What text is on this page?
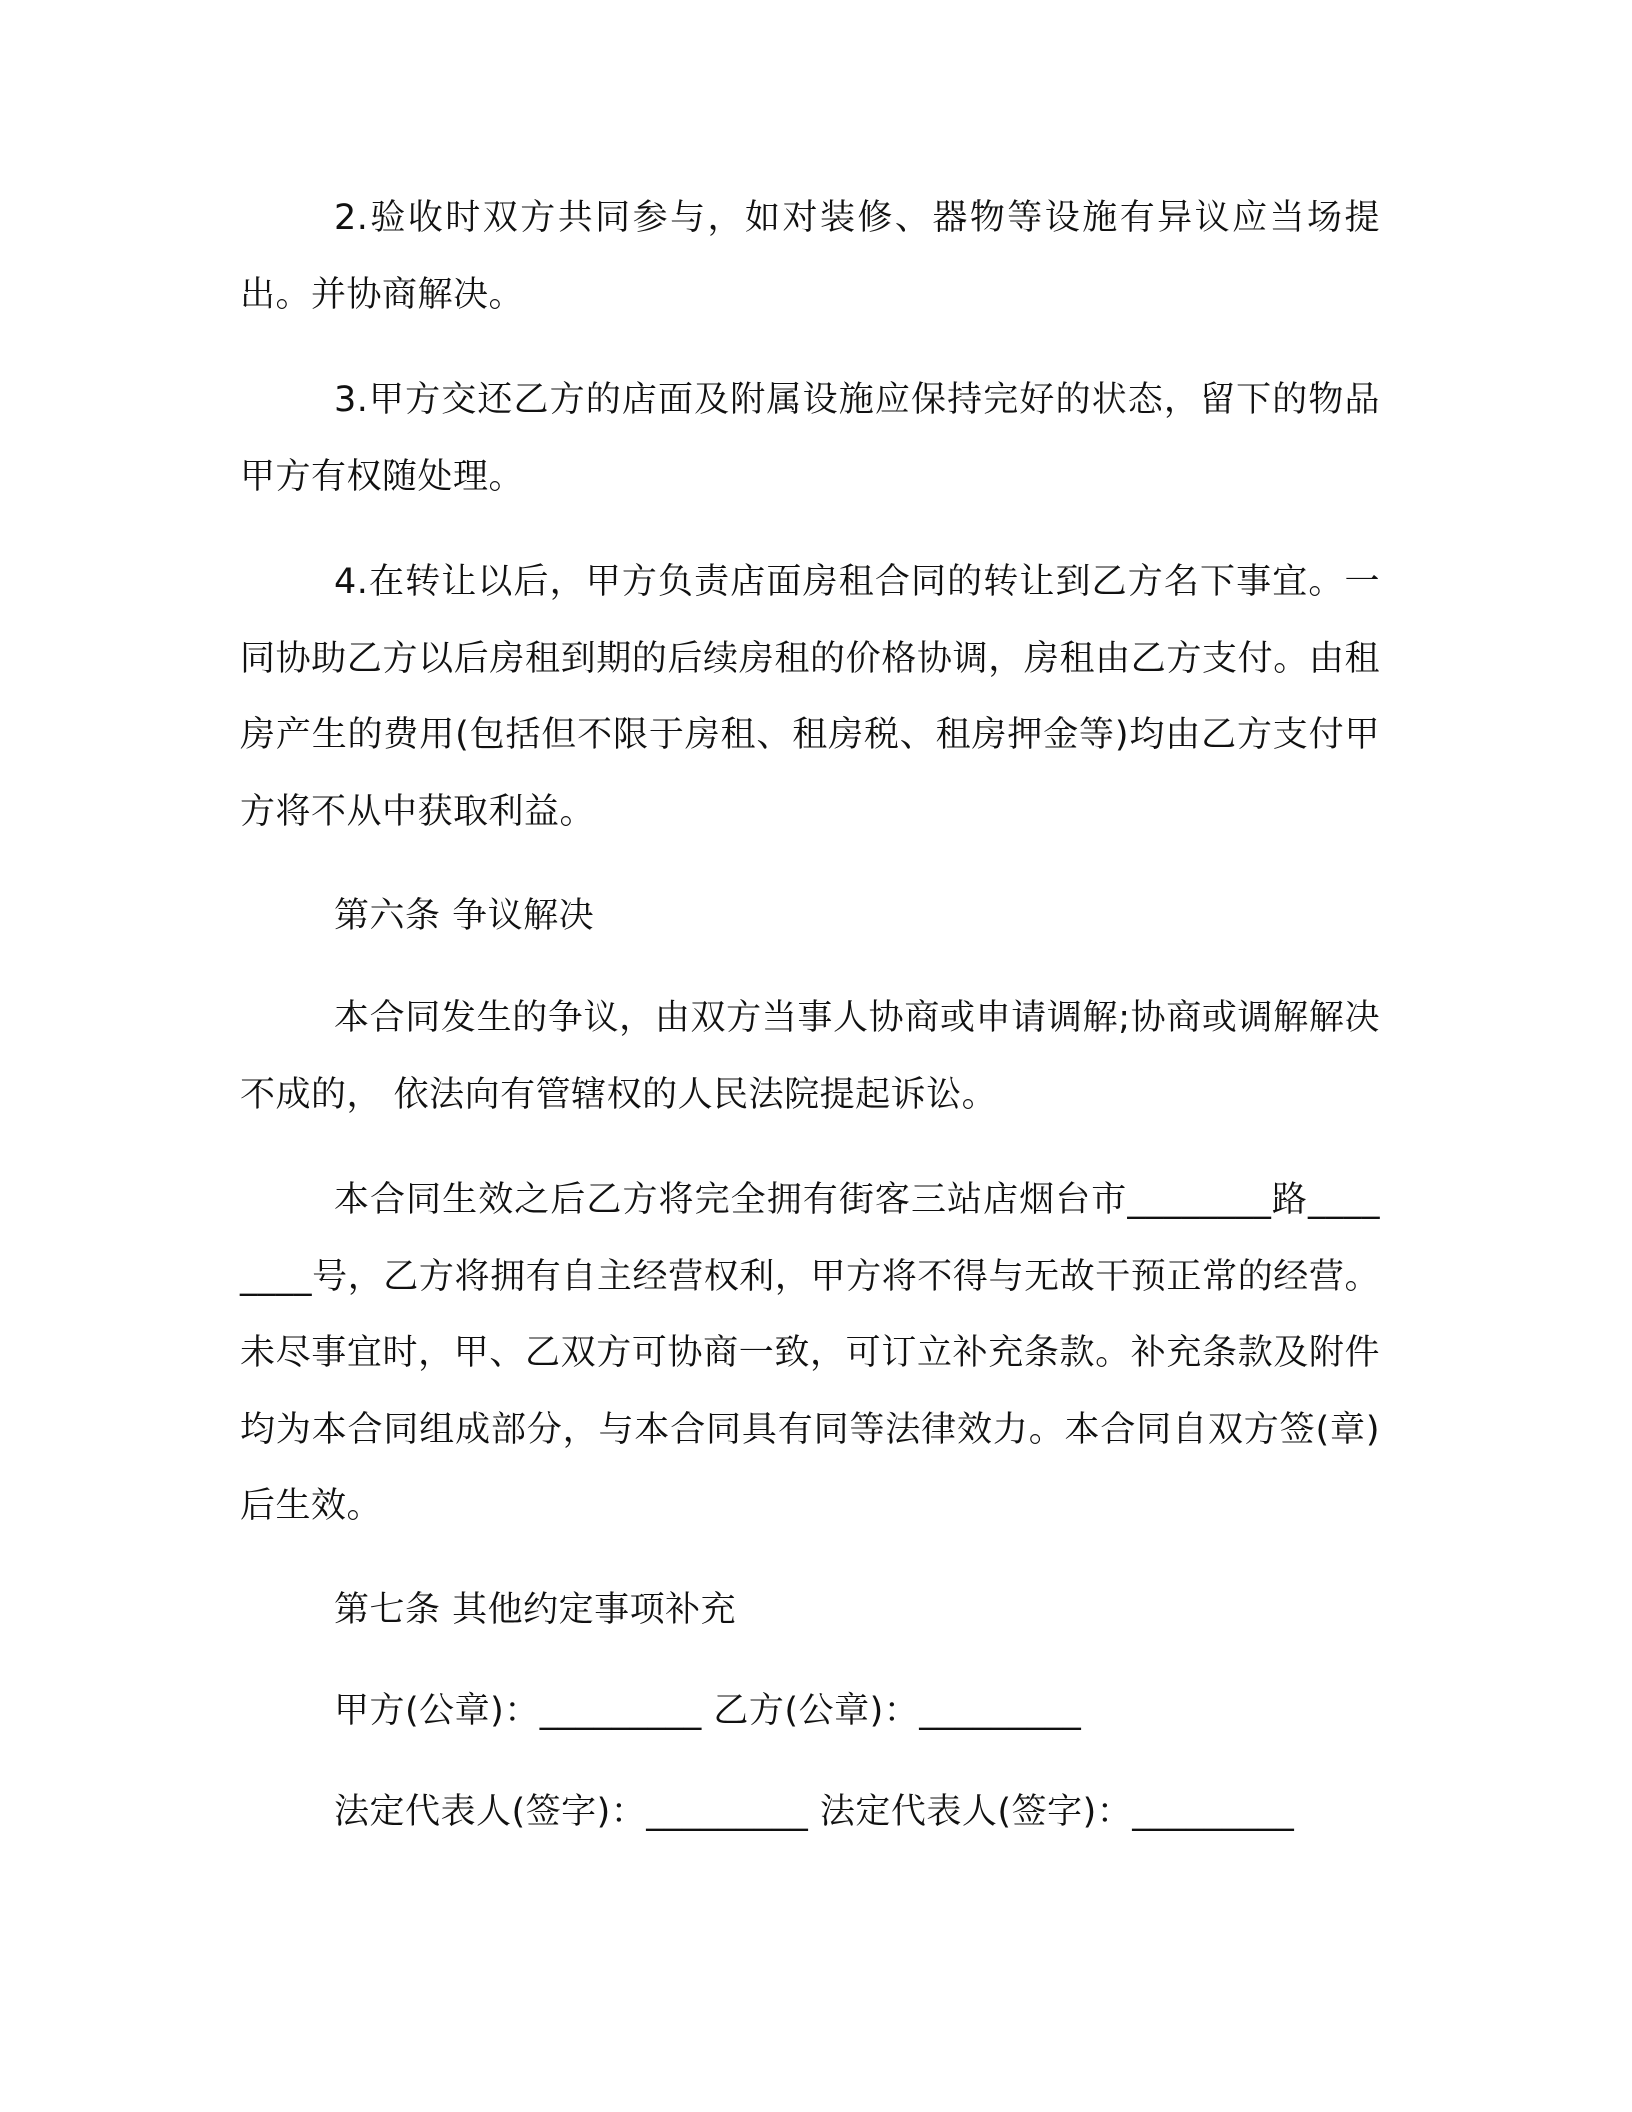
2.验收时双方共同参与，如对装修、器物等设施有异议应当场提出。并协商解决。

3.甲方交还乙方的店面及附属设施应保持完好的状态，留下的物品甲方有权随处理。

4.在转让以后，甲方负责店面房租合同的转让到乙方名下事宜。一同协助乙方以后房租到期的后续房租的价格协调，房租由乙方支付。由租房产生的费用(包括但不限于房租、租房税、租房押金等)均由乙方支付甲方将不从中获取利益。

第六条 争议解决

本合同发生的争议，由双方当事人协商或申请调解;协商或调解解决不成的， 依法向有管辖权的人民法院提起诉讼。

本合同生效之后乙方将完全拥有街客三站店烟台市________路________号，乙方将拥有自主经营权利，甲方将不得与无故干预正常的经营。未尽事宜时，甲、乙双方可协商一致，可订立补充条款。补充条款及附件均为本合同组成部分，与本合同具有同等法律效力。本合同自双方签(章)后生效。

第七条 其他约定事项补充

甲方(公章)：_________ 乙方(公章)：_________

法定代表人(签字)：_________ 法定代表人(签字)：_________
